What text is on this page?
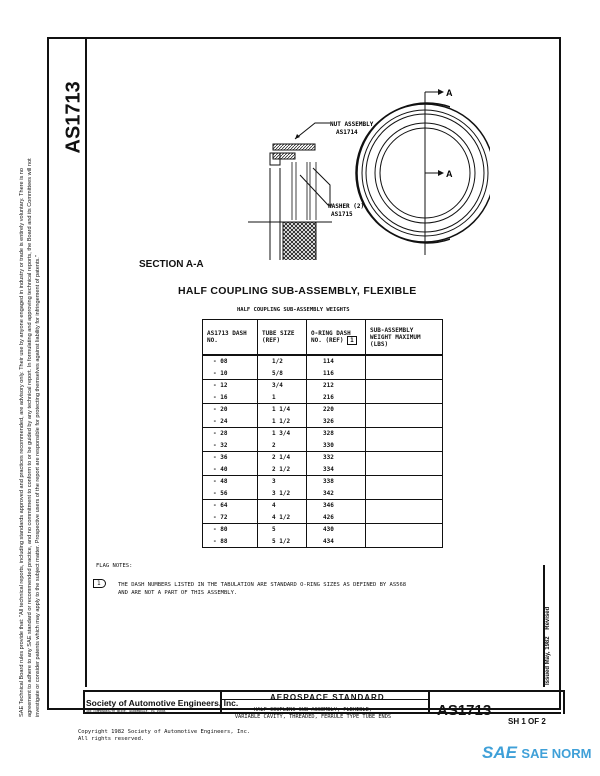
AS1713
SAE Technical Board rules provide that: "All technical reports, including standards approved and practices recommended, are advisory only. Their use by anyone engaged in industry or trade is entirely voluntary. There is no agreement to adhere to any SAE standard or recommended practice, and no commitment to conform to or be guided by any technical report. In formulating and approving technical reports, the Board and its Committees will not investigate or consider patents which may apply to the subject matter. Prospective users of the report are responsible for protecting themselves against liability for infringement of patents."
NUT ASSEMBLY
AS1714
WASHER (2)
AS1715
A
A
SECTION A-A
HALF COUPLING SUB-ASSEMBLY, FLEXIBLE
HALF COUPLING SUB-ASSEMBLY WEIGHTS
AS1713 DASH NO.	TUBE SIZE (REF)	O-RING DASH NO. (REF) 1	SUB-ASSEMBLY WEIGHT MAXIMUM (LBS)
- 08	1/2	114	
- 10	5/8	116	
- 12	3/4	212	
- 16	1	216	
- 20	1 1/4	220	
- 24	1 1/2	326	
- 28	1 3/4	328	
- 32	2	330	
- 36	2 1/4	332	
- 40	2 1/2	334	
- 48	3	338	
- 56	3 1/2	342	
- 64	4	346	
- 72	4 1/2	426	
- 80	5	430	
- 88	5 1/2	434	
FLAG NOTES:
1	THE DASH NUMBERS LISTED IN THE TABULATION ARE STANDARD O-RING SIZES AS DEFINED BY AS568
AND ARE NOT A PART OF THIS ASSEMBLY.
Issued May, 1982    Revised
Society of Automotive Engineers, Inc.
400 COMMONWEALTH DRIVE, WARRENDALE, PA 15096
AEROSPACE STANDARD
HALF COUPLING SUB-ASSEMBLY, FLEXIBLE,
VARIABLE CAVITY, THREADED, FERRULE TYPE TUBE ENDS	AS1713
SH 1 OF 2
Copyright 1982 Society of Automotive Engineers, Inc.
All rights reserved.
SAE SAE NORM
